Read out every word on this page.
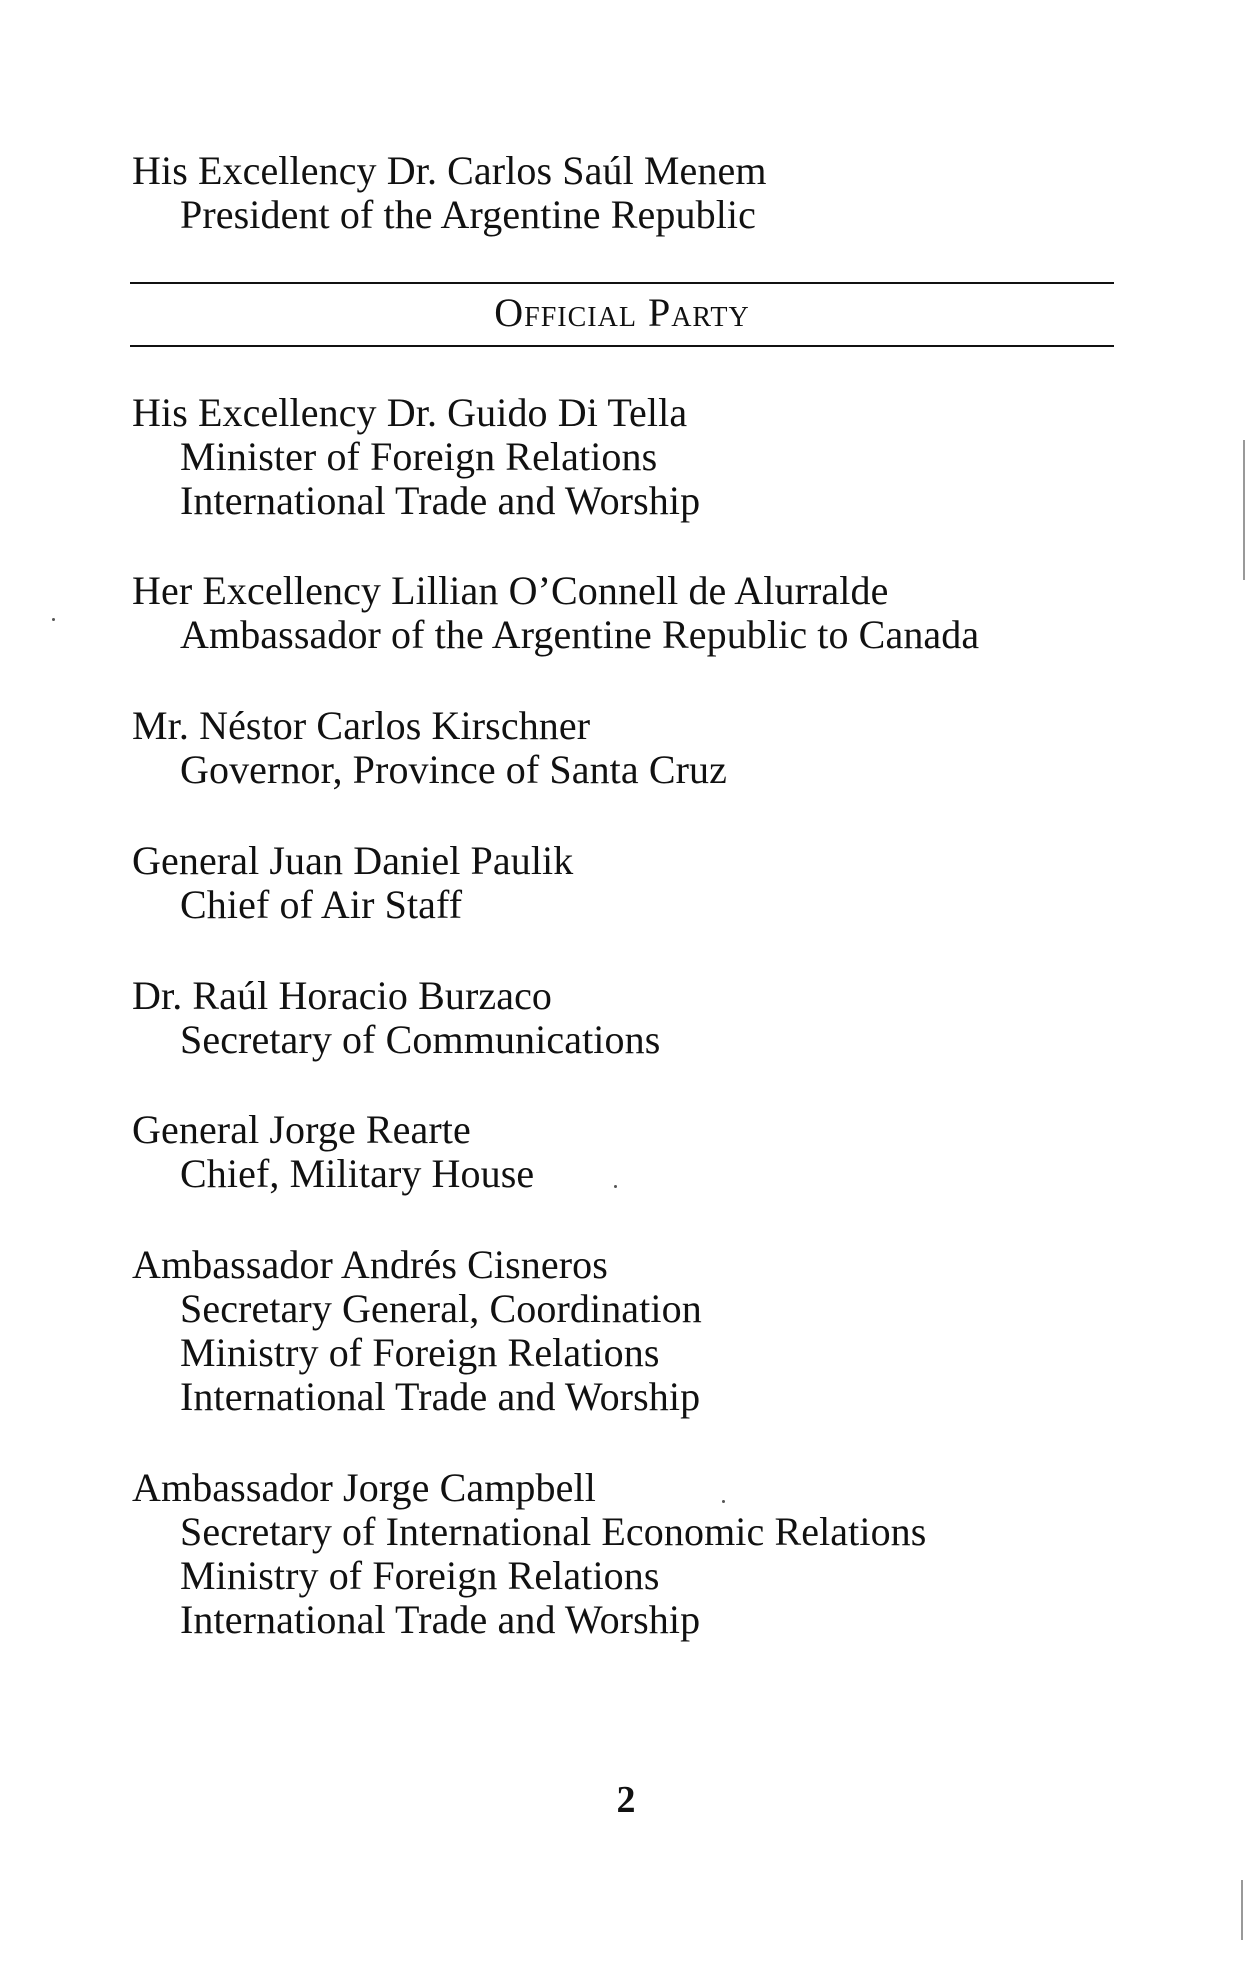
His Excellency Dr. Carlos Saúl Menem
President of the Argentine Republic
Official Party
His Excellency Dr. Guido Di Tella
Minister of Foreign Relations
International Trade and Worship
Her Excellency Lillian O’Connell de Alurralde
Ambassador of the Argentine Republic to Canada
Mr. Néstor Carlos Kirschner
Governor, Province of Santa Cruz
General Juan Daniel Paulik
Chief of Air Staff
Dr. Raúl Horacio Burzaco
Secretary of Communications
General Jorge Rearte
Chief, Military House
Ambassador Andrés Cisneros
Secretary General, Coordination
Ministry of Foreign Relations
International Trade and Worship
Ambassador Jorge Campbell
Secretary of International Economic Relations
Ministry of Foreign Relations
International Trade and Worship
2
